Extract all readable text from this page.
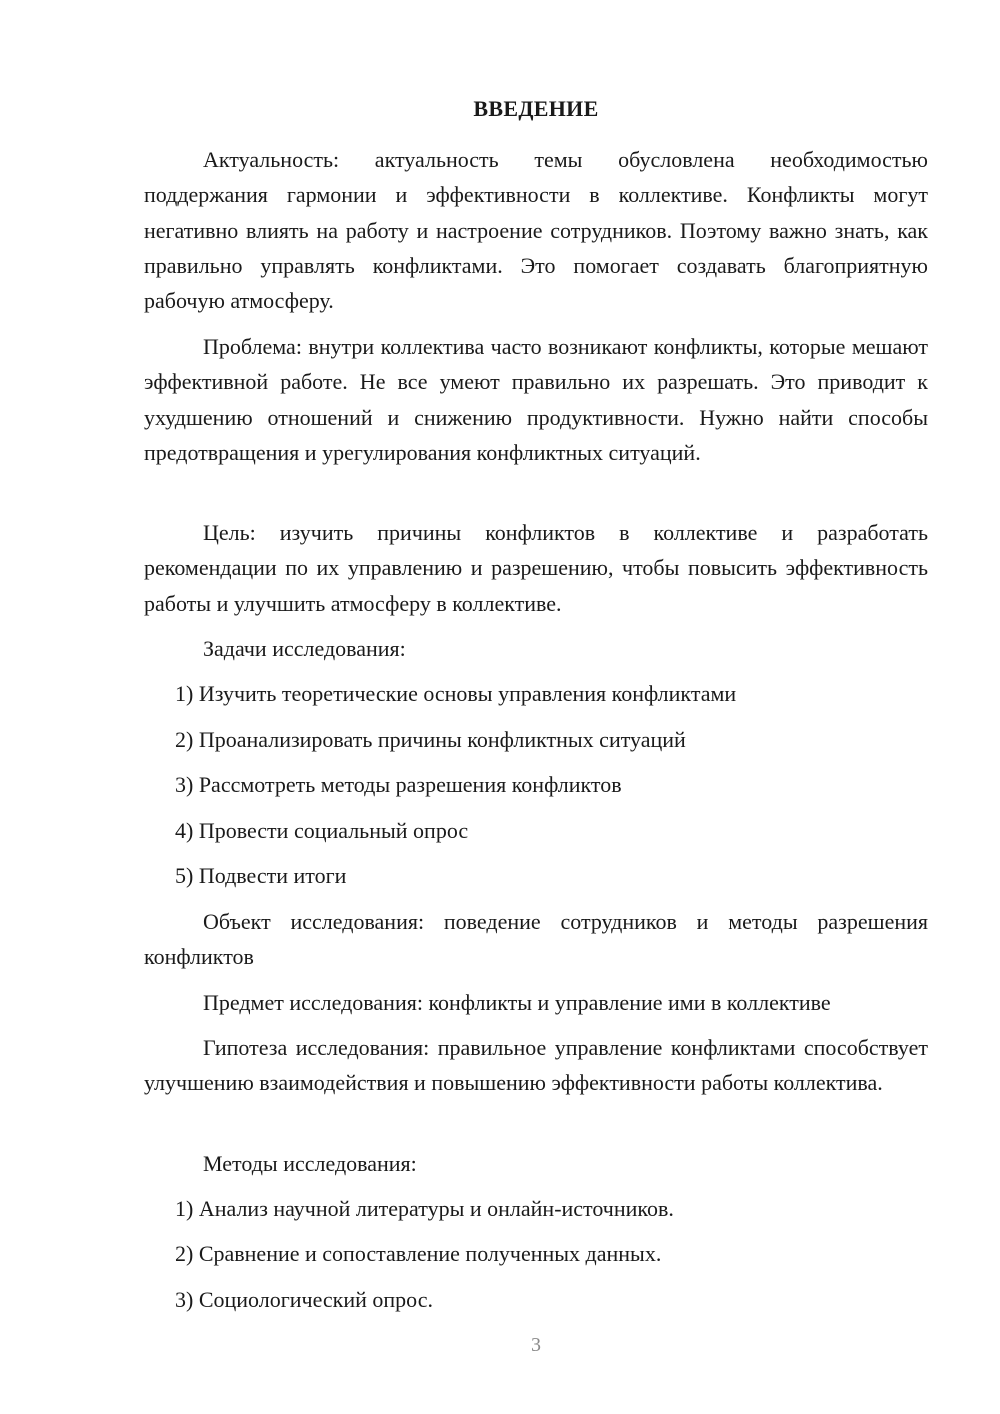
ВВЕДЕНИЕ

Актуальность: актуальность темы обусловлена необходимостью поддержания гармонии и эффективности в коллективе. Конфликты могут негативно влиять на работу и настроение сотрудников. Поэтому важно знать, как правильно управлять конфликтами. Это помогает создавать благоприятную рабочую атмосферу.

Проблема: внутри коллектива часто возникают конфликты, которые мешают эффективной работе. Не все умеют правильно их разрешать. Это приводит к ухудшению отношений и снижению продуктивности. Нужно найти способы предотвращения и урегулирования конфликтных ситуаций.

Цель: изучить причины конфликтов в коллективе и разработать рекомендации по их управлению и разрешению, чтобы повысить эффективность работы и улучшить атмосферу в коллективе.

Задачи исследования:

1) Изучить теоретические основы управления конфликтами
2) Проанализировать причины конфликтных ситуаций
3) Рассмотреть методы разрешения конфликтов
4) Провести социальный опрос
5) Подвести итоги

Объект исследования: поведение сотрудников и методы разрешения конфликтов

Предмет исследования: конфликты и управление ими в коллективе

Гипотеза исследования: правильное управление конфликтами способствует улучшению взаимодействия и повышению эффективности работы коллектива.

Методы исследования:

1) Анализ научной литературы и онлайн-источников.
2) Сравнение и сопоставление полученных данных.
3) Социологический опрос.
3
